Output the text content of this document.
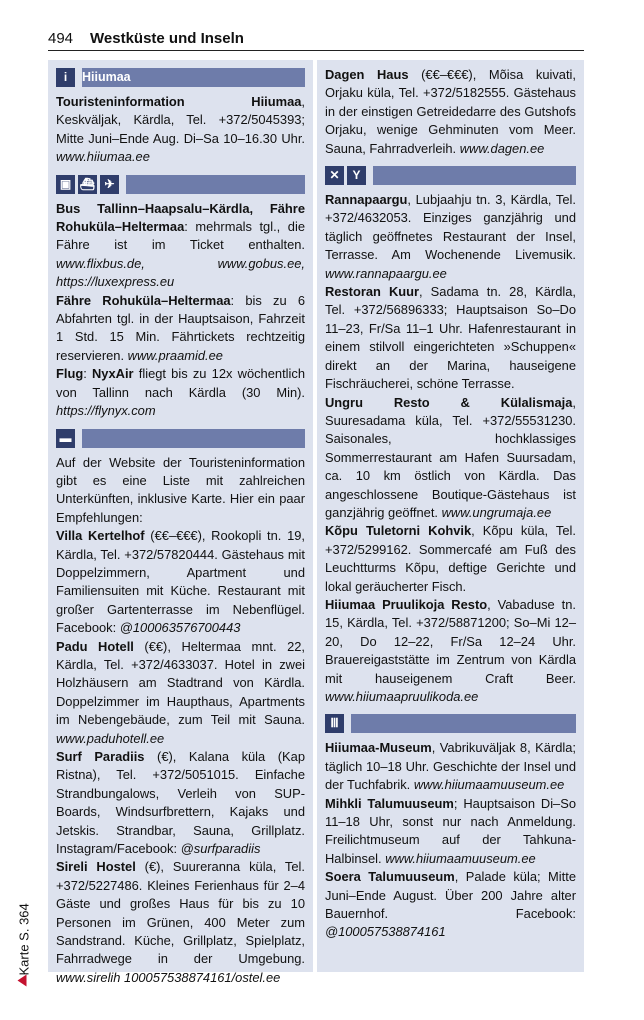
494 Westküste und Inseln
Karte S. 364
i	Hiiumaa

Touristeninformation Hiiumaa, Keskväljak, Kärdla, Tel. +372/5045393; Mitte Juni–Ende Aug. Di–Sa 10–16.30 Uhr. www.hiiumaa.ee

▣ ⛴ ✈

Bus Tallinn–Haapsalu–Kärdla, Fähre Rohuküla–Heltermaa: mehrmals tgl., die Fähre ist im Ticket enthalten. www.flixbus.de, www.gobus.ee, https://luxexpress.eu

Fähre Rohuküla–Heltermaa: bis zu 6 Abfahrten tgl. in der Hauptsaison, Fahrzeit 1 Std. 15 Min. Fährtickets rechtzeitig reservieren. www.praamid.ee

Flug: NyxAir fliegt bis zu 12x wöchentlich von Tallinn nach Kärdla (30 Min). https://flynyx.com

▬

Auf der Website der Touristeninformation gibt es eine Liste mit zahlreichen Unterkünften, inklusive Karte. Hier ein paar Empfehlungen:

Villa Kertelhof (€€–€€€), Rookopli tn. 19, Kärdla, Tel. +372/57820444. Gästehaus mit Doppelzimmern, Apartment und Familiensuiten mit Küche. Restaurant mit großer Gartenterrasse im Nebenflügel. Facebook: @100063576700443

Padu Hotell (€€), Heltermaa mnt. 22, Kärdla, Tel. +372/4633037. Hotel in zwei Holzhäusern am Stadtrand von Kärdla. Doppelzimmer im Haupthaus, Apartments im Nebengebäude, zum Teil mit Sauna. www.paduhotell.ee

Surf Paradiis (€), Kalana küla (Kap Ristna), Tel. +372/5051015. Einfache Strandbungalows, Verleih von SUP-Boards, Windsurfbrettern, Kajaks und Jetskis. Strandbar, Sauna, Grillplatz. Instagram/Facebook: @surfparadiis

Sireli Hostel (€), Suureranna küla, Tel. +372/5227486. Kleines Ferienhaus für 2–4 Gäste und großes Haus für bis zu 10 Personen im Grünen, 400 Meter zum Sandstrand. Küche, Grillplatz, Spielplatz, Fahrradwege in der Umgebung. www.sirelih 100057538874161/ostel.ee

Dagen Haus (€€–€€€), Mõisa kuivati, Orjaku küla, Tel. +372/5182555. Gästehaus in der einstigen Getreidedarre des Gutshofs Orjaku, wenige Gehminuten vom Meer. Sauna, Fahrradverleih. www.dagen.ee

✕ Y

Rannapaargu, Lubjaahju tn. 3, Kärdla, Tel. +372/4632053. Einziges ganzjährig und täglich geöffnetes Restaurant der Insel, Terrasse. Am Wochenende Livemusik. www.rannapaargu.ee

Restoran Kuur, Sadama tn. 28, Kärdla, Tel. +372/56896333; Hauptsaison So–Do 11–23, Fr/Sa 11–1 Uhr. Hafenrestaurant in einem stilvoll eingerichteten »Schuppen« direkt an der Marina, hauseigene Fischräucherei, schöne Terrasse.

Ungru Resto & Külalismaja, Suuresadama küla, Tel. +372/55531230. Saisonales, hochklassiges Sommerrestaurant am Hafen Suursadam, ca. 10 km östlich von Kärdla. Das angeschlossene Boutique-Gästehaus ist ganzjährig geöffnet. www.ungrumaja.ee

Kõpu Tuletorni Kohvik, Kõpu küla, Tel. +372/5299162. Sommercafé am Fuß des Leuchtturms Kõpu, deftige Gerichte und lokal geräucherter Fisch.

Hiiumaa Pruulikoja Resto, Vabaduse tn. 15, Kärdla, Tel. +372/58871200; So–Mi 12–20, Do 12–22, Fr/Sa 12–24 Uhr. Brauereigaststätte im Zentrum von Kärdla mit hauseigenem Craft Beer. www.hiiumaapruulikoda.ee

Ⅲ

Hiiumaa-Museum, Vabrikuväljak 8, Kärdla; täglich 10–18 Uhr. Geschichte der Insel und der Tuchfabrik. www.hiiumaamuuseum.ee

Mihkli Talumuuseum; Hauptsaison Di–So 11–18 Uhr, sonst nur nach Anmeldung. Freilichtmuseum auf der Tahkuna-Halbinsel. www.hiiumaamuuseum.ee

Soera Talumuuseum, Palade küla; Mitte Juni–Ende August. Über 200 Jahre alter Bauernhof. Facebook: @100057538874161
